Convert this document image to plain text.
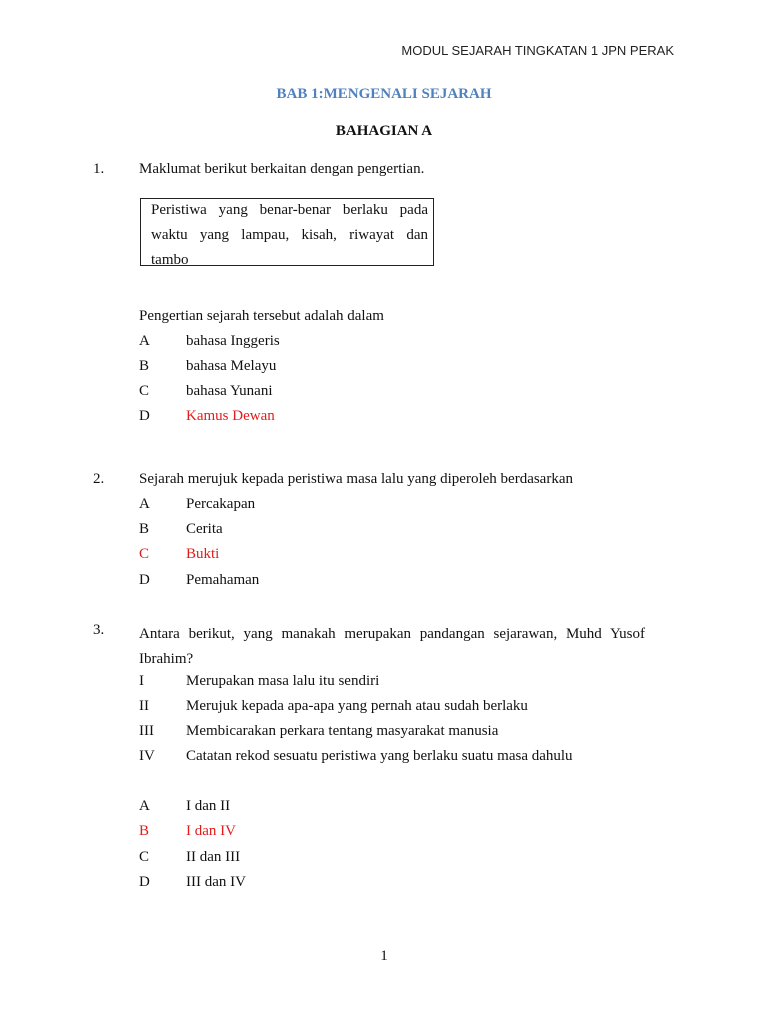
MODUL SEJARAH TINGKATAN 1 JPN PERAK
BAB 1:MENGENALI SEJARAH
BAHAGIAN A
1. Maklumat berikut berkaitan dengan pengertian.
Peristiwa yang benar-benar berlaku pada
waktu yang lampau, kisah, riwayat dan
tambo
Pengertian sejarah tersebut adalah dalam
A bahasa Inggeris
B bahasa Melayu
C bahasa Yunani
D Kamus Dewan
2. Sejarah merujuk kepada peristiwa masa lalu yang diperoleh berdasarkan
A Percakapan
B Cerita
C Bukti
D Pemahaman
3. Antara berikut, yang manakah merupakan pandangan sejarawan, Muhd Yusof Ibrahim?
I	Merupakan masa lalu itu sendiri
II Merujuk kepada apa-apa yang pernah atau sudah berlaku
III Membicarakan perkara tentang masyarakat manusia
IV Catatan rekod sesuatu peristiwa yang berlaku suatu masa dahulu
A I dan II
B I dan IV
C II dan III
D III dan IV
1
